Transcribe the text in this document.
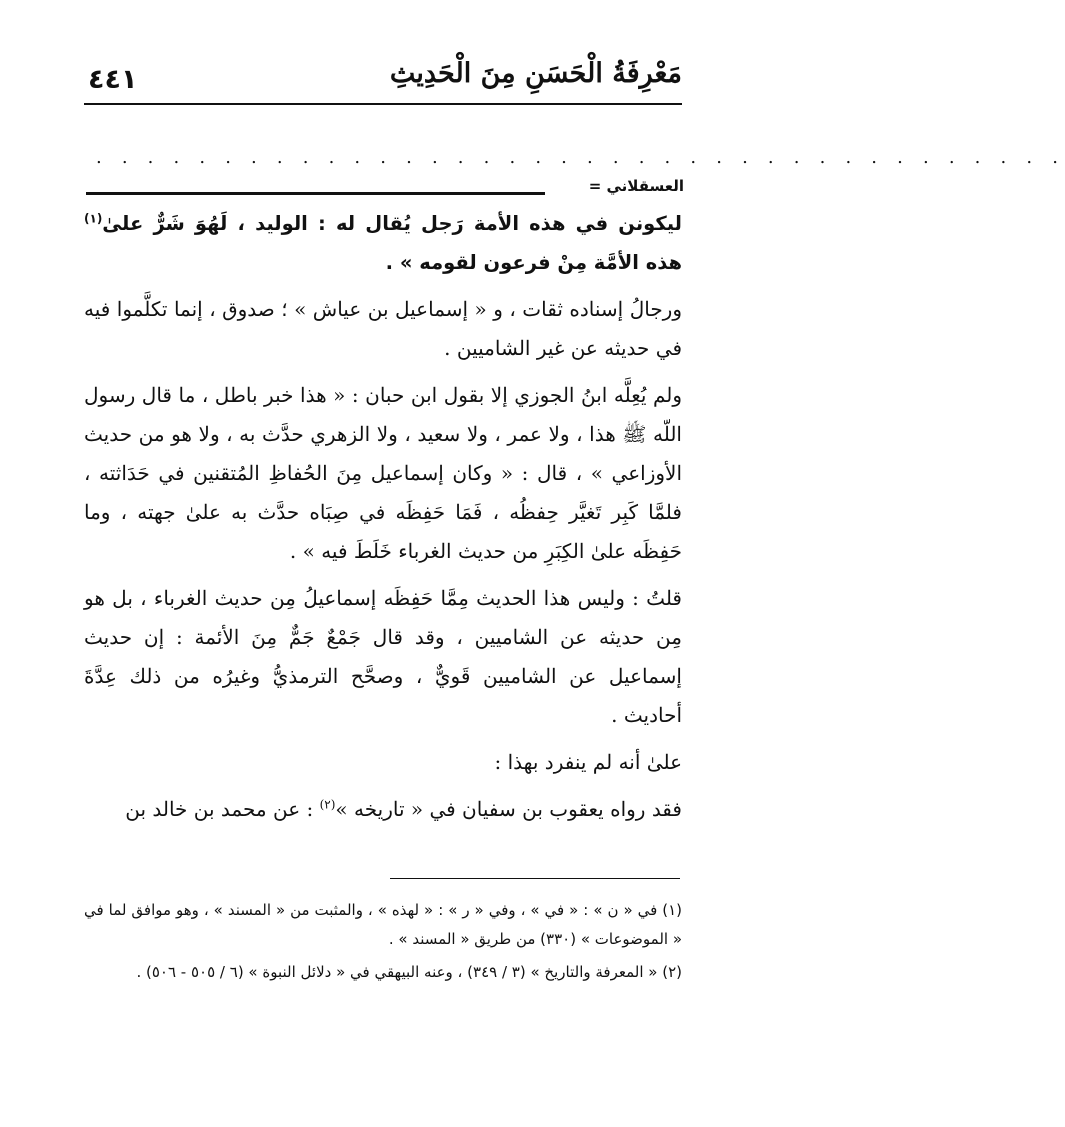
٤٤١	مَعْرِفَةُ الْحَسَنِ مِنَ الْحَدِيثِ
. . . . . . . . . . . . . . . . . . . . . . . . . . . . . . . . . . . . . .
العسقلاني =

ليكونن في هذه الأمة رَجل يُقال له : الوليد ، لَهُوَ شَرٌّ علىٰ$^{(١)}$ هذه الأمَّة مِنْ فرعون لقومه » .

ورجالُ إسناده ثقات ، و « إسماعيل بن عياش » ؛ صدوق ، إنما تكلَّموا فيه في حديثه عن غير الشاميين .

ولم يُعِلَّه ابنُ الجوزي إلا بقول ابن حبان : « هذا خبر باطل ، ما قال رسول اللّه ﷺ هذا ، ولا عمر ، ولا سعيد ، ولا الزهري حدَّث به ، ولا هو من حديث الأوزاعي » ، قال : « وكان إسماعيل مِنَ الحُفاظِ المُتقنين في حَدَاثته ، فلمَّا كَبِر تَغيَّر حِفظُه ، فَمَا حَفِظَه في صِبَاه حدَّث به علىٰ جهته ، وما حَفِظَه علىٰ الكِبَرِ من حديث الغرباء خَلَطَ فيه » .

قلتُ : وليس هذا الحديث مِمَّا حَفِظَه إسماعيلُ مِن حديث الغرباء ، بل هو مِن حديثه عن الشاميين ، وقد قال جَمْعٌ جَمٌّ مِنَ الأئمة : إن حديث إسماعيل عن الشاميين قَويٌّ ، وصحَّح الترمذيُّ وغيرُه من ذلك عِدَّةَ أحاديث .

علىٰ أنه لم ينفرد بهذا :

فقد رواه يعقوب بن سفيان في « تاريخه »$^{(٢)}$ : عن محمد بن خالد بن

(١) في « ن » : « في » ، وفي « ر » : « لهذه » ، والمثبت من « المسند » ، وهو موافق لما في « الموضوعات » (٣٣٠) من طريق « المسند » .

(٢) « المعرفة والتاريخ » (٣ / ٣٤٩) ، وعنه البيهقي في « دلائل النبوة » (٦ / ٥٠٥ - ٥٠٦) .
